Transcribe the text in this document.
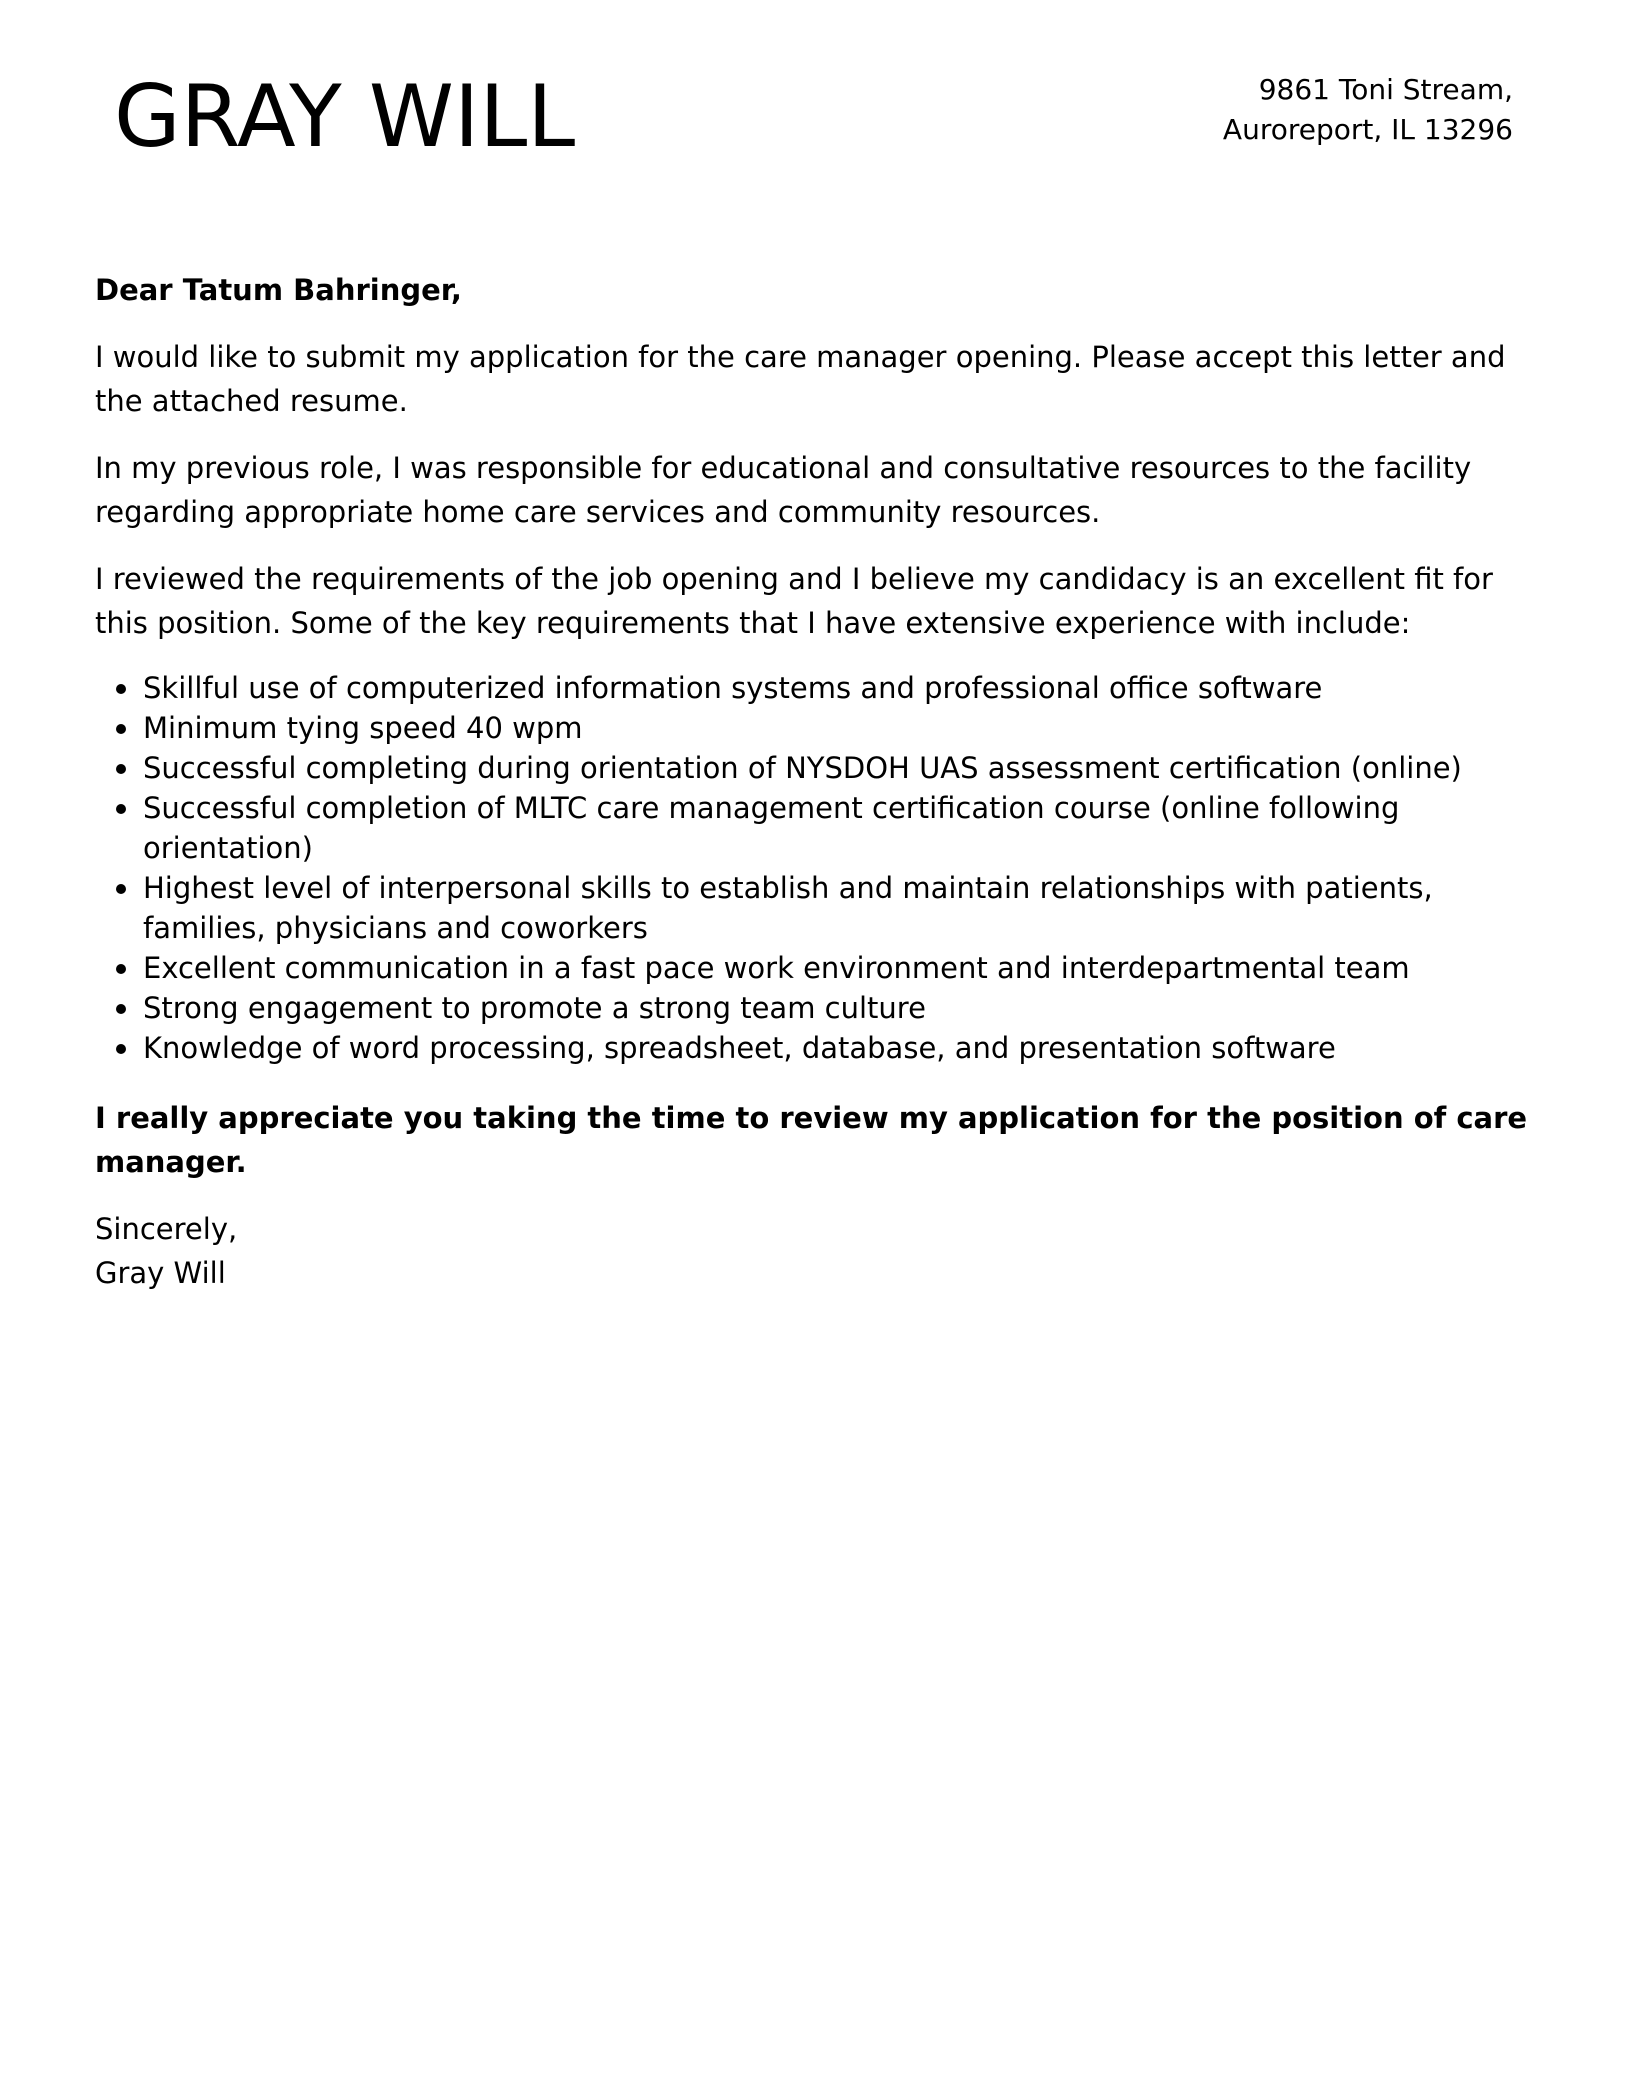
GRAY WILL	9861 Toni Stream,
Auroreport, IL 13296

Dear Tatum Bahringer,

I would like to submit my application for the care manager opening. Please accept this letter and the attached resume.

In my previous role, I was responsible for educational and consultative resources to the facility regarding appropriate home care services and community resources.

I reviewed the requirements of the job opening and I believe my candidacy is an excellent fit for this position. Some of the key requirements that I have extensive experience with include:

Skillful use of computerized information systems and professional office software
Minimum tying speed 40 wpm
Successful completing during orientation of NYSDOH UAS assessment certification (online)
Successful completion of MLTC care management certification course (online following orientation)
Highest level of interpersonal skills to establish and maintain relationships with patients, families, physicians and coworkers
Excellent communication in a fast pace work environment and interdepartmental team
Strong engagement to promote a strong team culture
Knowledge of word processing, spreadsheet, database, and presentation software

I really appreciate you taking the time to review my application for the position of care manager.

Sincerely,
Gray Will
